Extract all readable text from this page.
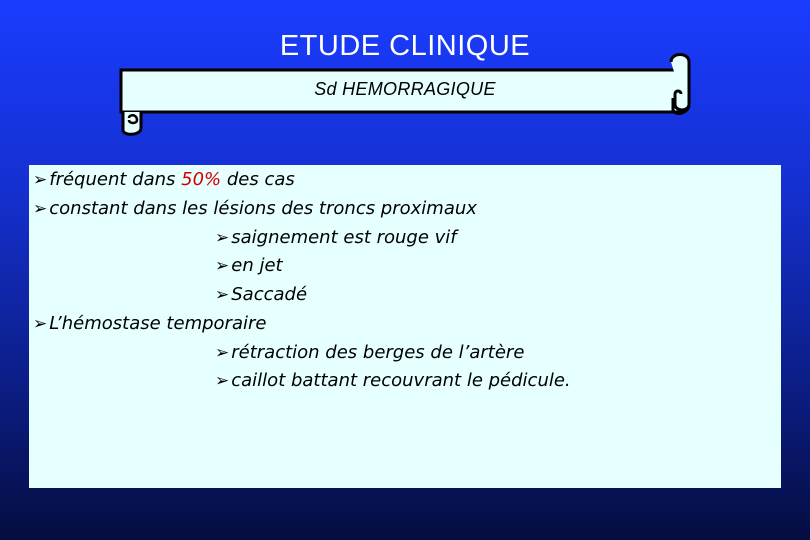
ETUDE CLINIQUE
Sd HEMORRAGIQUE
➢ fréquent dans 50% des cas
➢ constant dans les lésions des troncs proximaux
➢ saignement est rouge vif
➢ en jet
➢ Saccadé
➢ L’hémostase temporaire
➢ rétraction des berges de l’artère
➢ caillot battant recouvrant le pédicule.
